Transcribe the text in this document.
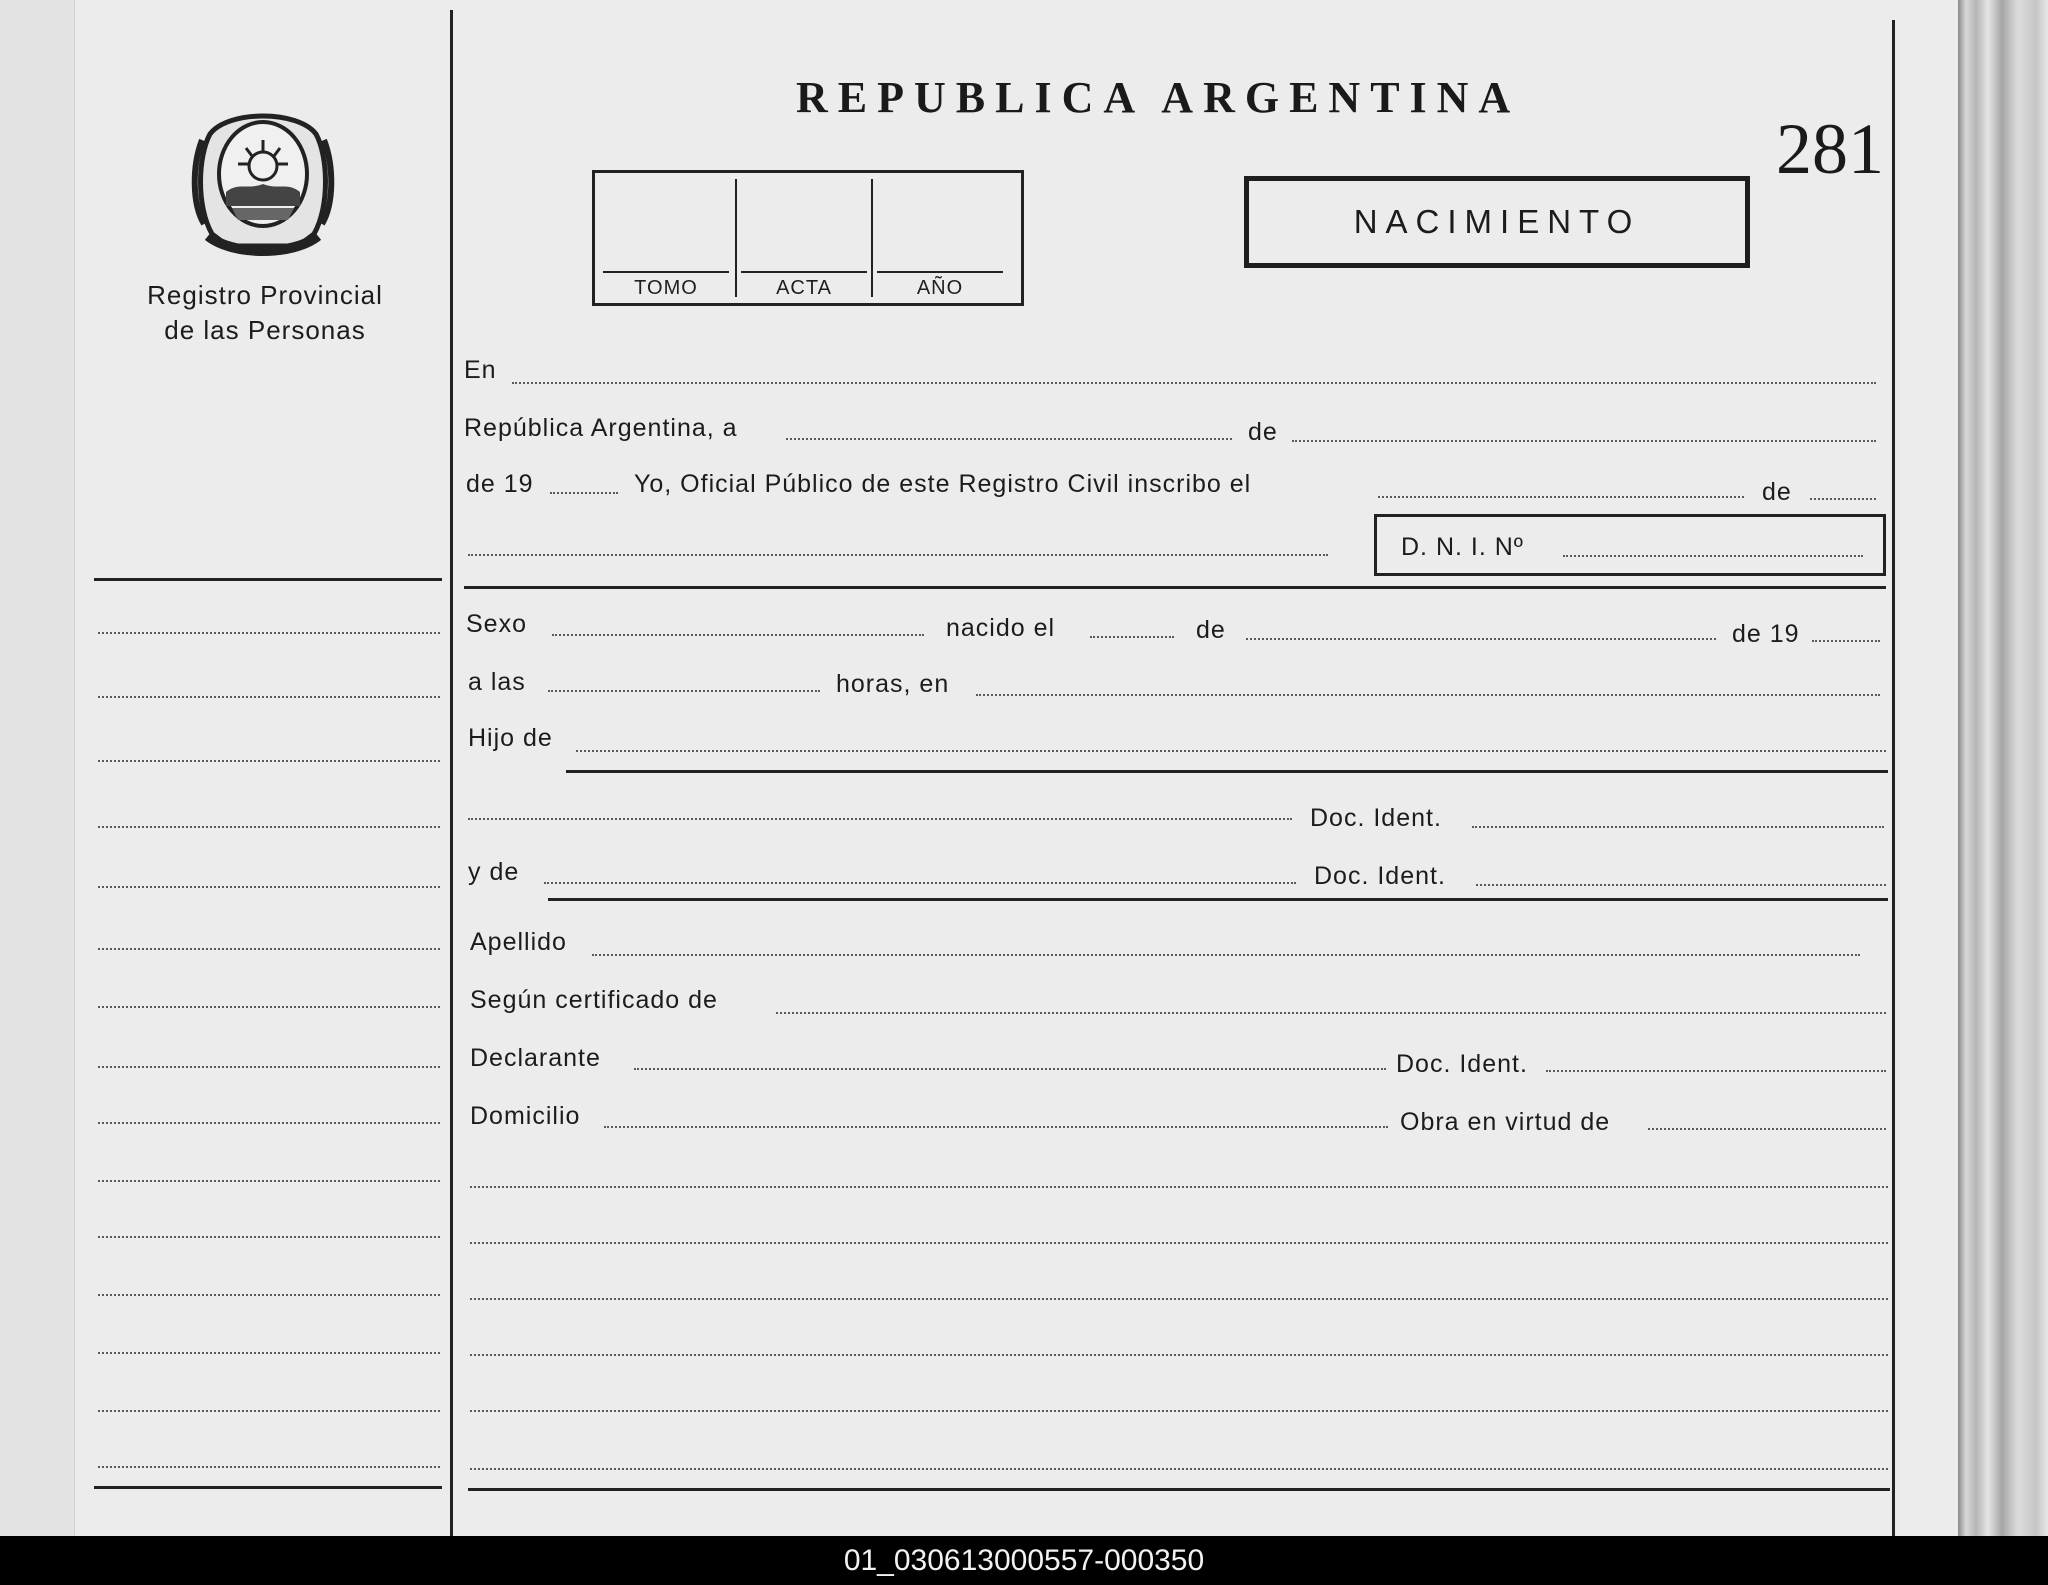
Registro Provincial
de las Personas
REPUBLICA ARGENTINA
281
NACIMIENTO
TOMO	ACTA	AÑO
En
República Argentina, a	de
de 19	Yo, Oficial Público de este Registro Civil inscribo el	de
D. N. I. Nº
Sexo	nacido el	de	de 19
a las	horas, en
Hijo de
Doc. Ident.
y de	Doc. Ident.
Apellido
Según certificado de
Declarante	Doc. Ident.
Domicilio	Obra en virtud de
01_030613000557-000350
